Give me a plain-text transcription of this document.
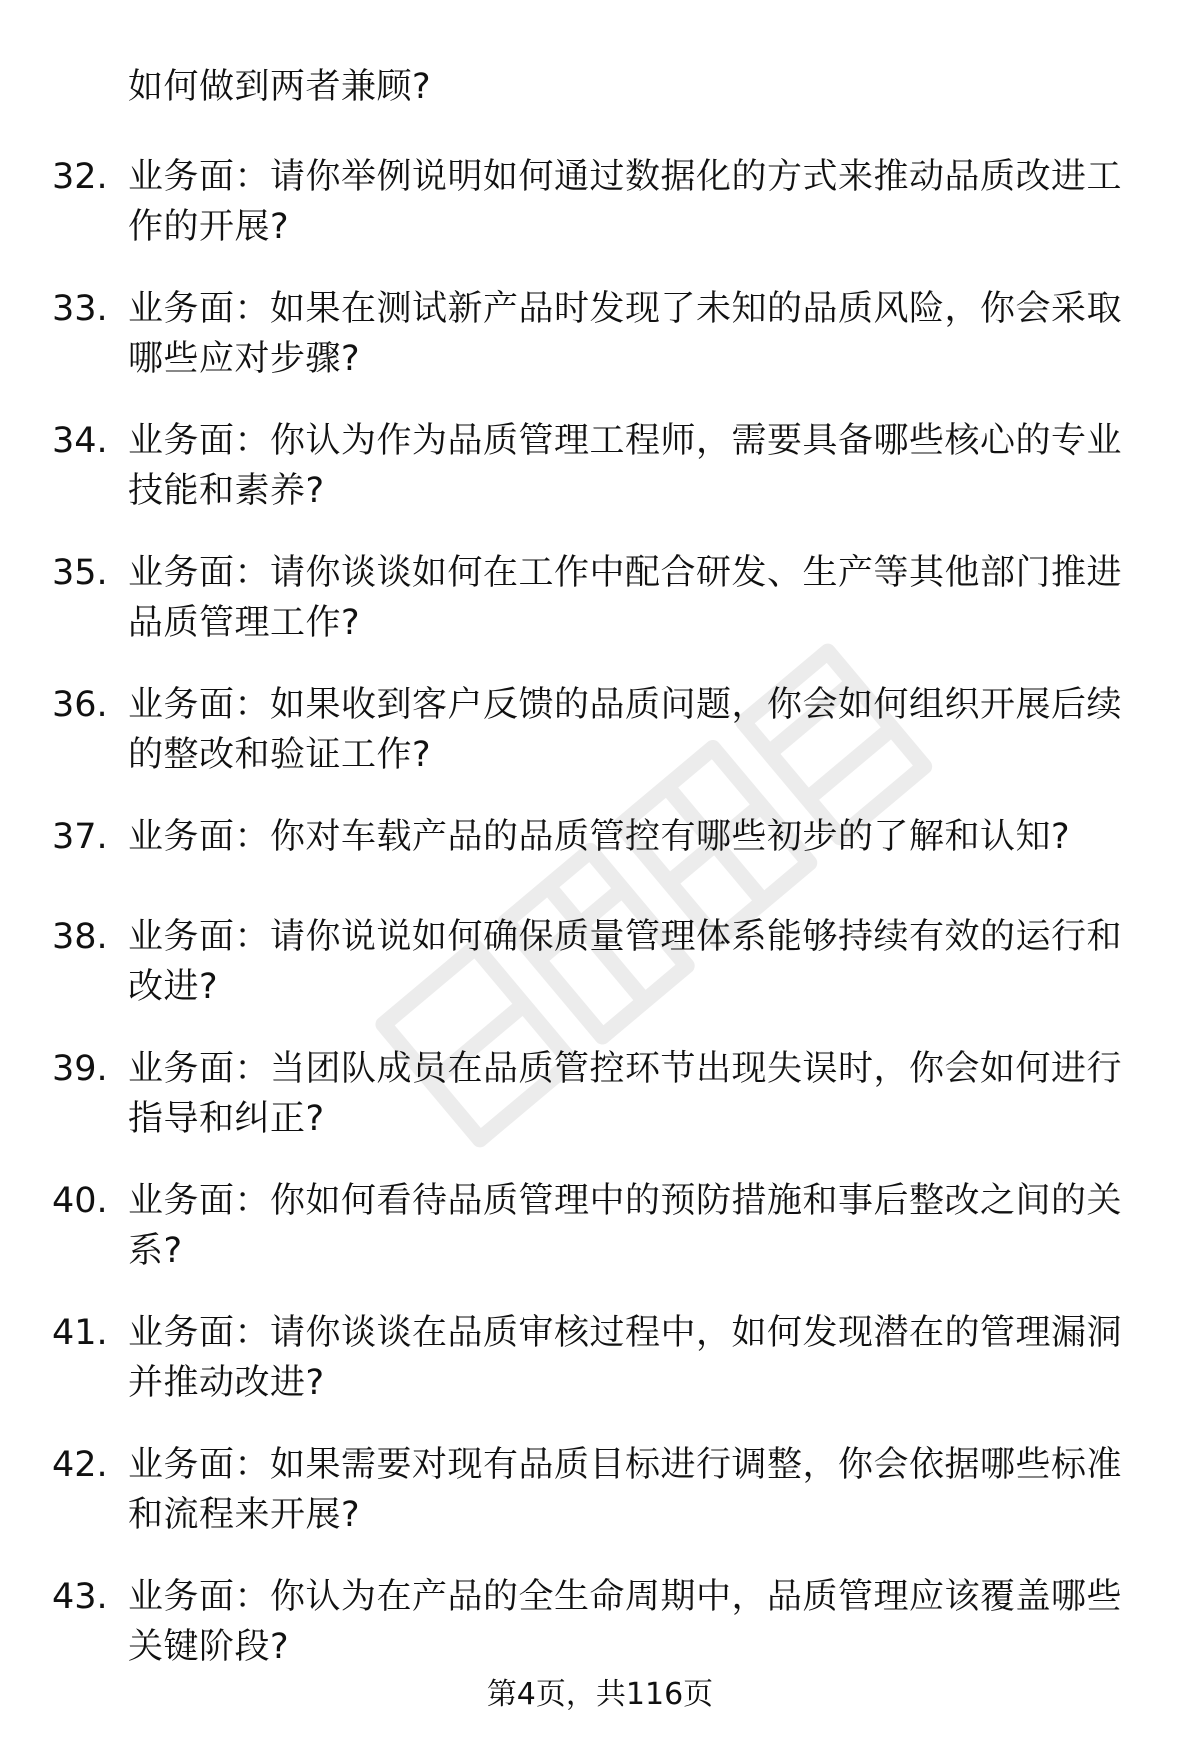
如何做到两者兼顾?
32. 业务面：请你举例说明如何通过数据化的方式来推动品质改进工作的开展?
33. 业务面：如果在测试新产品时发现了未知的品质风险，你会采取哪些应对步骤?
34. 业务面：你认为作为品质管理工程师，需要具备哪些核心的专业技能和素养?
35. 业务面：请你谈谈如何在工作中配合研发、生产等其他部门推进品质管理工作?
36. 业务面：如果收到客户反馈的品质问题，你会如何组织开展后续的整改和验证工作?
37. 业务面：你对车载产品的品质管控有哪些初步的了解和认知?
38. 业务面：请你说说如何确保质量管理体系能够持续有效的运行和改进?
39. 业务面：当团队成员在品质管控环节出现失误时，你会如何进行指导和纠正?
40. 业务面：你如何看待品质管理中的预防措施和事后整改之间的关系?
41. 业务面：请你谈谈在品质审核过程中，如何发现潜在的管理漏洞并推动改进?
42. 业务面：如果需要对现有品质目标进行调整，你会依据哪些标准和流程来开展?
43. 业务面：你认为在产品的全生命周期中，品质管理应该覆盖哪些关键阶段?
第4页，共116页
